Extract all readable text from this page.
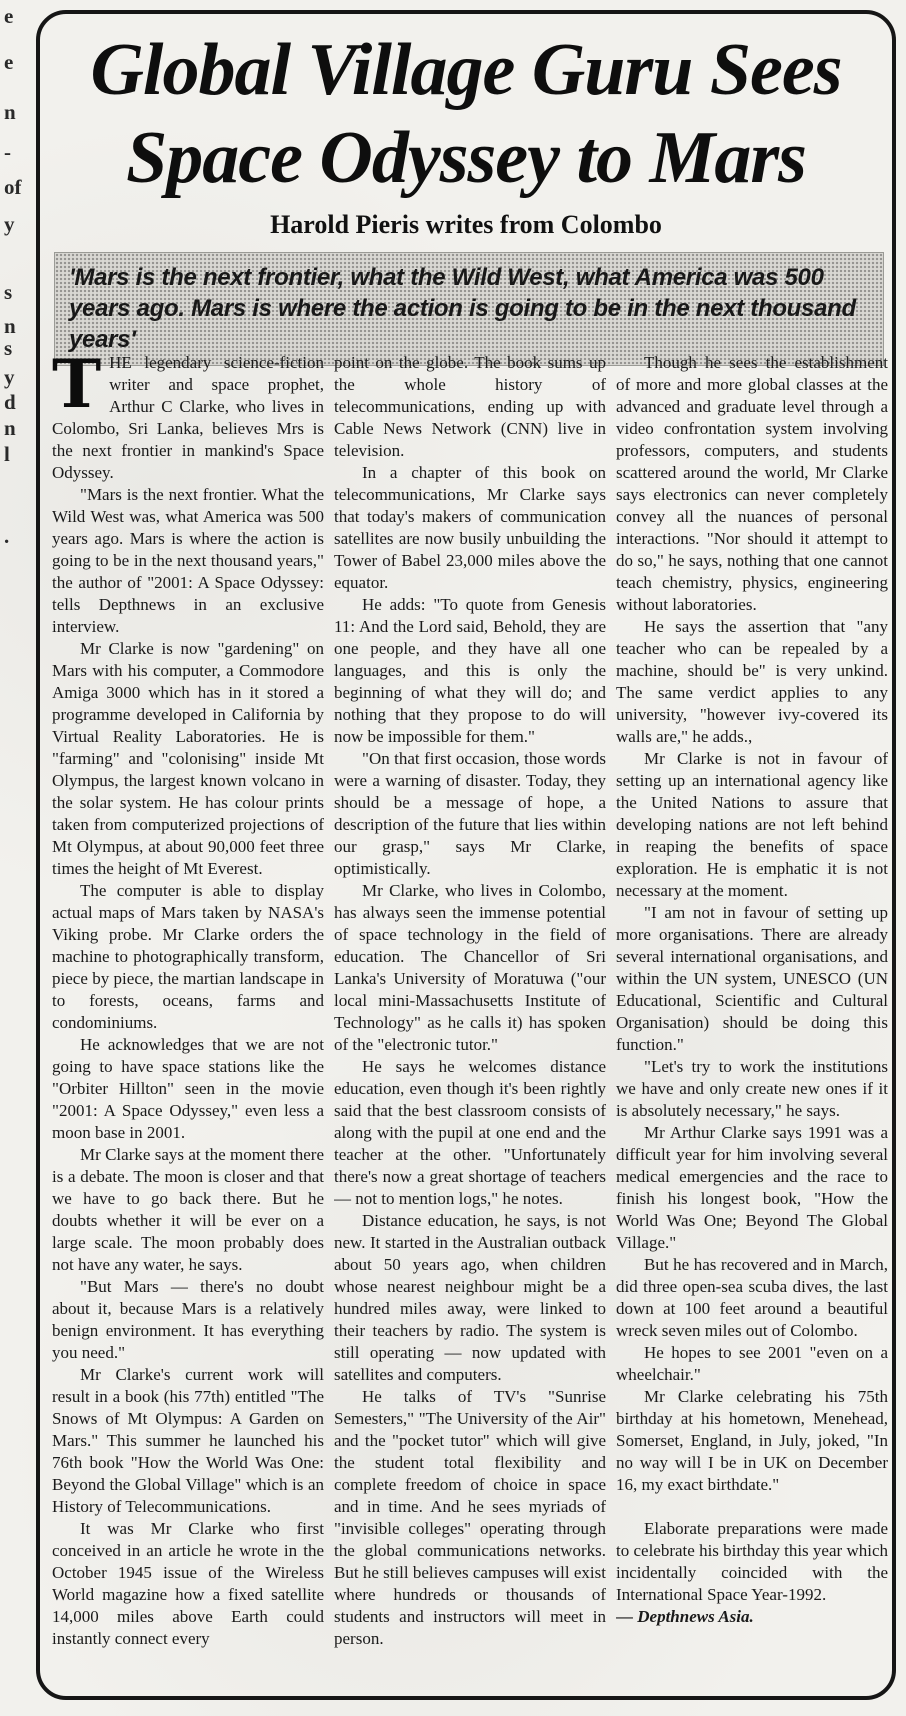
e
e
n
-
of
y
s
n
s
y
d
n
l
.
Global Village Guru Sees
Space Odyssey to Mars

Harold Pieris writes from Colombo

'Mars is the next frontier, what the Wild West, what America was 500 years ago. Mars is where the action is going to be in the next thousand years'

THE legendary science-fiction writer and space prophet, Arthur C Clarke, who lives in Colombo, Sri Lanka, believes Mrs is the next frontier in mankind's Space Odyssey.

"Mars is the next frontier. What the Wild West was, what America was 500 years ago. Mars is where the action is going to be in the next thousand years," the author of "2001: A Space Odyssey: tells Depthnews in an exclusive interview.

Mr Clarke is now "gardening" on Mars with his computer, a Commodore Amiga 3000 which has in it stored a programme developed in California by Virtual Reality Laboratories. He is "farming" and "colonising" inside Mt Olympus, the largest known volcano in the solar system. He has colour prints taken from computerized projections of Mt Olympus, at about 90,000 feet three times the height of Mt Everest.

The computer is able to display actual maps of Mars taken by NASA's Viking probe. Mr Clarke orders the machine to photographically transform, piece by piece, the martian landscape in to forests, oceans, farms and condominiums.

He acknowledges that we are not going to have space stations like the "Orbiter Hillton" seen in the movie "2001: A Space Odyssey," even less a moon base in 2001.

Mr Clarke says at the moment there is a debate. The moon is closer and that we have to go back there. But he doubts whether it will be ever on a large scale. The moon probably does not have any water, he says.

"But Mars — there's no doubt about it, because Mars is a relatively benign environment. It has everything you need."

Mr Clarke's current work will result in a book (his 77th) entitled "The Snows of Mt Olympus: A Garden on Mars." This summer he launched his 76th book "How the World Was One: Beyond the Global Village" which is an History of Telecommunications.

It was Mr Clarke who first conceived in an article he wrote in the October 1945 issue of the Wireless World magazine how a fixed satellite 14,000 miles above Earth could instantly connect every

point on the globe. The book sums up the whole history of telecommunications, ending up with Cable News Network (CNN) live in television.

In a chapter of this book on telecommunications, Mr Clarke says that today's makers of communication satellites are now busily unbuilding the Tower of Babel 23,000 miles above the equator.

He adds: "To quote from Genesis 11: And the Lord said, Behold, they are one people, and they have all one languages, and this is only the beginning of what they will do; and nothing that they propose to do will now be impossible for them."

"On that first occasion, those words were a warning of disaster. Today, they should be a message of hope, a description of the future that lies within our grasp," says Mr Clarke, optimistically.

Mr Clarke, who lives in Colombo, has always seen the immense potential of space technology in the field of education. The Chancellor of Sri Lanka's University of Moratuwa ("our local mini-Massachusetts Institute of Technology" as he calls it) has spoken of the "electronic tutor."

He says he welcomes distance education, even though it's been rightly said that the best classroom consists of along with the pupil at one end and the teacher at the other. "Unfortunately there's now a great shortage of teachers — not to mention logs," he notes.

Distance education, he says, is not new. It started in the Australian outback about 50 years ago, when children whose nearest neighbour might be a hundred miles away, were linked to their teachers by radio. The system is still operating — now updated with satellites and computers.

He talks of TV's "Sunrise Semesters," "The University of the Air" and the "pocket tutor" which will give the student total flexibility and complete freedom of choice in space and in time. And he sees myriads of "invisible colleges" operating through the global communications networks. But he still believes campuses will exist where hundreds or thousands of students and instructors will meet in person.

Though he sees the establishment of more and more global classes at the advanced and graduate level through a video confrontation system involving professors, computers, and students scattered around the world, Mr Clarke says electronics can never completely convey all the nuances of personal interactions. "Nor should it attempt to do so," he says, nothing that one cannot teach chemistry, physics, engineering without laboratories.

He says the assertion that "any teacher who can be repealed by a machine, should be" is very unkind. The same verdict applies to any university, "however ivy-covered its walls are," he adds.,

Mr Clarke is not in favour of setting up an international agency like the United Nations to assure that developing nations are not left behind in reaping the benefits of space exploration. He is emphatic it is not necessary at the moment.

"I am not in favour of setting up more organisations. There are already several international organisations, and within the UN system, UNESCO (UN Educational, Scientific and Cultural Organisation) should be doing this function."

"Let's try to work the institutions we have and only create new ones if it is absolutely necessary," he says.

Mr Arthur Clarke says 1991 was a difficult year for him involving several medical emergencies and the race to finish his longest book, "How the World Was One; Beyond The Global Village."

But he has recovered and in March, did three open-sea scuba dives, the last down at 100 feet around a beautiful wreck seven miles out of Colombo.

He hopes to see 2001 "even on a wheelchair."

Mr Clarke celebrating his 75th birthday at his hometown, Menehead, Somerset, England, in July, joked, "In no way will I be in UK on December 16, my exact birthdate."

Elaborate preparations were made to celebrate his birthday this year which incidentally coincided with the International Space Year-1992.

— Depthnews Asia.
